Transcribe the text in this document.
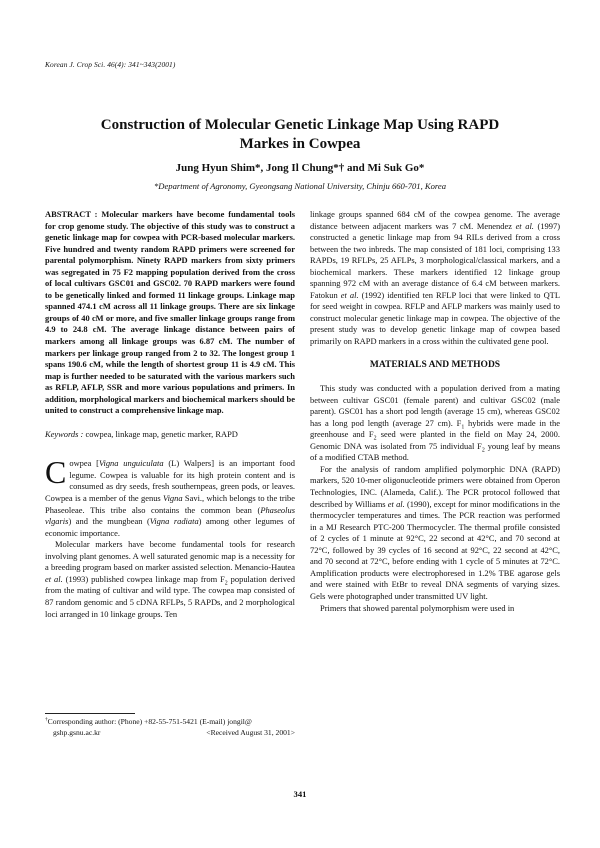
Korean J. Crop Sci. 46(4): 341~343(2001)
Construction of Molecular Genetic Linkage Map Using RAPD
Markes in Cowpea
Jung Hyun Shim*, Jong Il Chung*† and Mi Suk Go*
*Department of Agronomy, Gyeongsang National University, Chinju 660-701, Korea

ABSTRACT : Molecular markers have become fundamental tools for crop genome study. The objective of this study was to construct a genetic linkage map for cowpea with PCR-based molecular markers. Five hundred and twenty random RAPD primers were screened for parental polymorphism. Ninety RAPD markers from sixty primers was segregated in 75 F2 mapping population derived from the cross of local cultivars GSC01 and GSC02. 70 RAPD markers were found to be genetically linked and formed 11 linkage groups. Linkage map spanned 474.1 cM across all 11 linkage groups. There are six linkage groups of 40 cM or more, and five smaller linkage groups range from 4.9 to 24.8 cM. The average linkage distance between pairs of markers among all linkage groups was 6.87 cM. The number of markers per linkage group ranged from 2 to 32. The longest group 1 spans 190.6 cM, while the length of shortest group 11 is 4.9 cM. This map is further needed to be saturated with the various markers such as RFLP, AFLP, SSR and more various populations and primers. In addition, morphological markers and biochemical markers should be united to construct a comprehensive linkage map.

Keywords : cowpea, linkage map, genetic marker, RAPD

Cowpea [Vigna unguiculata (L) Walpers] is an important food legume. Cowpea is valuable for its high protein content and is consumed as dry seeds, fresh southernpeas, green pods, or leaves. Cowpea is a member of the genus Vigna Savi., which belongs to the tribe Phaseoleae. This tribe also contains the common bean (Phaseolus vlgaris) and the mungbean (Vigna radiata) among other legumes of economic importance.

Molecular markers have become fundamental tools for research involving plant genomes. A well saturated genomic map is a necessity for a breeding program based on marker assisted selection. Menancio-Hautea et al. (1993) published cowpea linkage map from $F_2$ population derived from the mating of cultivar and wild type. The cowpea map consisted of 87 random genomic and 5 cDNA RFLPs, 5 RAPDs, and 2 morphological loci arranged in 10 linkage groups. Ten

linkage groups spanned 684 cM of the cowpea genome. The average distance between adjacent markers was 7 cM. Menendez et al. (1997) constructed a genetic linkage map from 94 RILs derived from a cross between the two inbreds. The map consisted of 181 loci, comprising 133 RAPDs, 19 RFLPs, 25 AFLPs, 3 morphological/classical markers, and a biochemical markers. These markers identified 12 linkage group spanning 972 cM with an average distance of 6.4 cM between markers. Fatokun et al. (1992) identified ten RFLP loci that were linked to QTL for seed weight in cowpea. RFLP and AFLP markers was mainly used to construct molecular genetic linkage map in cowpea. The objective of the present study was to develop genetic linkage map of cowpea based primarily on RAPD markers in a cross within the cultivated gene pool.

MATERIALS AND METHODS

This study was conducted with a population derived from a mating between cultivar GSC01 (female parent) and cultivar GSC02 (male parent). GSC01 has a short pod length (average 15 cm), whereas GSC02 has a long pod length (average 27 cm). $F_1$ hybrids were made in the greenhouse and $F_2$ seed were planted in the field on May 24, 2000. Genomic DNA was isolated from 75 individual $F_2$ young leaf by means of a modified CTAB method.

For the analysis of random amplified polymorphic DNA (RAPD) markers, 520 10-mer oligonucleotide primers were obtained from Operon Technologies, INC. (Alameda, Calif.). The PCR protocol followed that described by Williams et al. (1990), except for minor modifications in the thermocycler temperatures and times. The PCR reaction was performed in a MJ Research PTC-200 Thermocycler. The thermal profile consisted of 2 cycles of 1 minute at 92°C, 22 second at 42°C, and 70 second at 72°C, followed by 39 cycles of 16 second at 92°C, 22 second at 42°C, and 70 second at 72°C, before ending with 1 cycle of 5 minutes at 72°C. Amplification products were electrophoresed in 1.2% TBE agarose gels and were stained with EtBr to reveal DNA segments of varying sizes. Gels were photographed under transmitted UV light.

Primers that showed parental polymorphism were used in

†Corresponding author: (Phone) +82-55-751-5421 (E-mail) jongil@
gshp.gsnu.ac.kr	<Received August 31, 2001>
341
